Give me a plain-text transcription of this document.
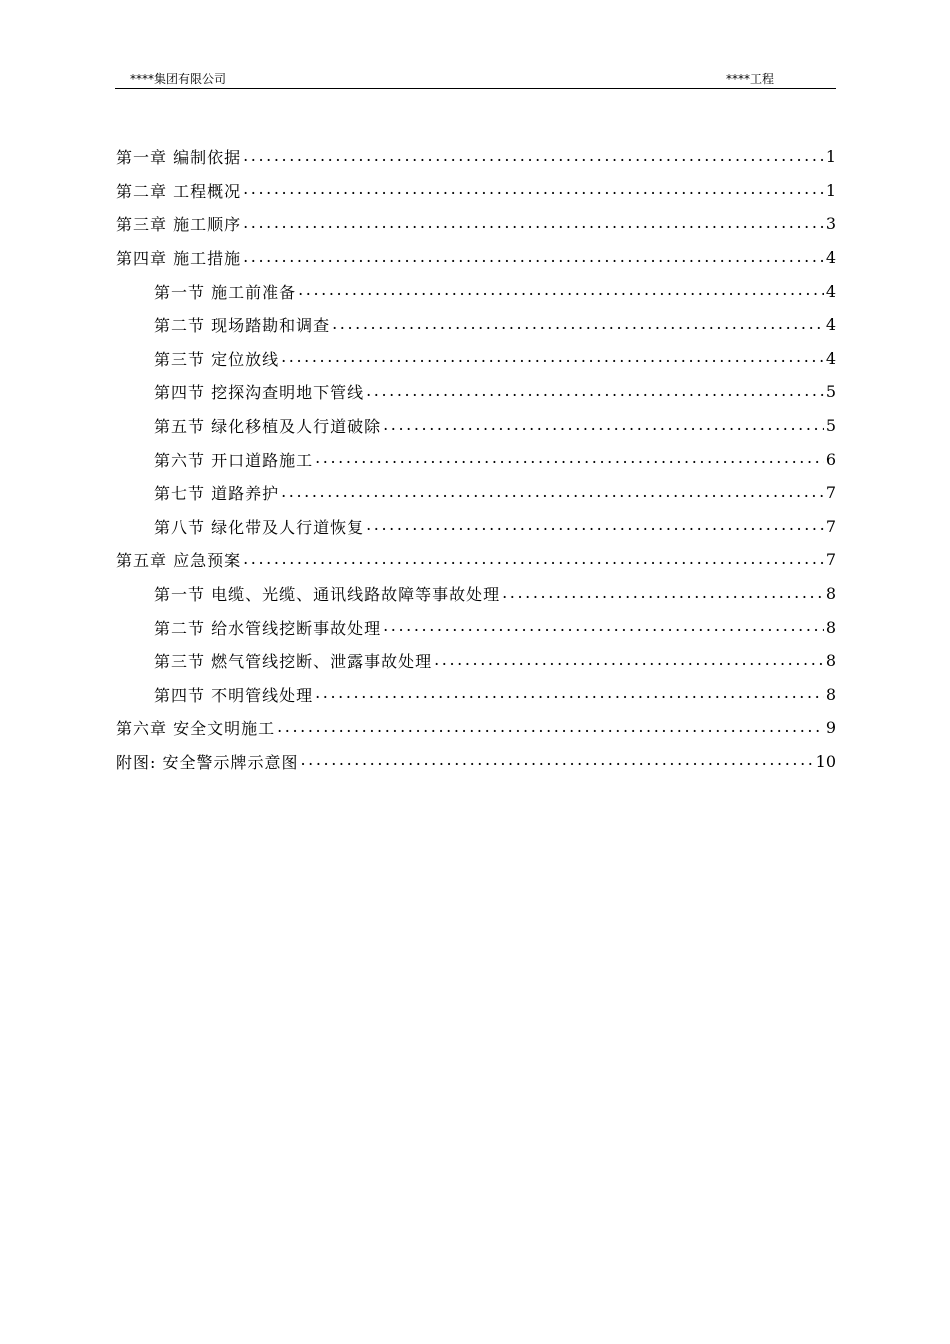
****集团有限公司	****工程
第一章 编制依据 .....	1
第二章 工程概况 .....	1
第三章 施工顺序 .....	3
第四章 施工措施 .....	4
第一节 施工前准备 .....	4
第二节 现场踏勘和调查 .....	4
第三节 定位放线 .....	4
第四节 挖探沟查明地下管线 .....	5
第五节 绿化移植及人行道破除 .....	5
第六节 开口道路施工 .....	6
第七节 道路养护 .....	7
第八节 绿化带及人行道恢复 .....	7
第五章 应急预案 .....	7
第一节 电缆、光缆、通讯线路故障等事故处理 .....	8
第二节 给水管线挖断事故处理 .....	8
第三节 燃气管线挖断、泄露事故处理 .....	8
第四节 不明管线处理 .....	8
第六章 安全文明施工 .....	9
附图: 安全警示牌示意图 .....	10
